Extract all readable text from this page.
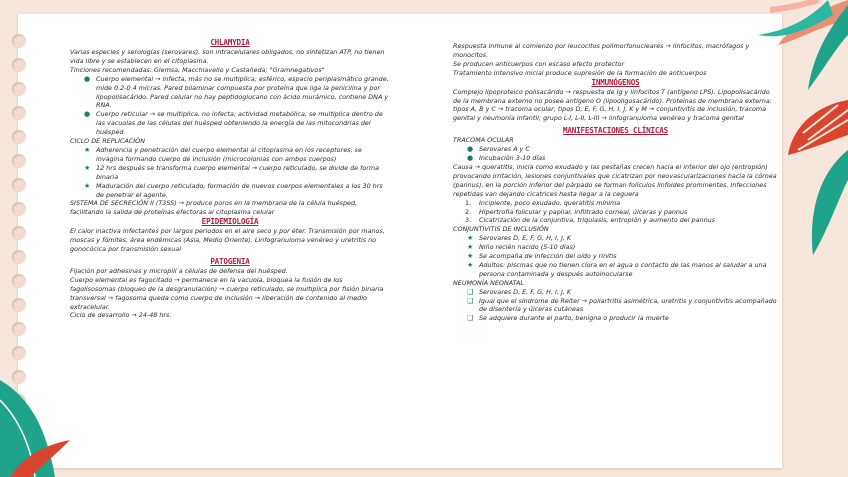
CHLAMYDIA

Varias especies y serologías (serovares), son intracelulares obligados, no sintetizan ATP, no tienen vida libre y se establecen en el citoplasma.

Tinciones recomendadas: Giemsa, Macchiavello y Castañeda; "Gramnegativos"

● Cuerpo elemental → infecta, más no se multiplica; esférico, espacio periplasmático grande, mide 0.2-0.4 micras. Pared bilaminar compuesta por proteína que liga la penicilina y por lipopolisacárido. Pared celular no hay peptidoglucano con ácido murámico, contiene DNA y RNA.
● Cuerpo reticular → se multiplica, no infecta; actividad metabólica, se multiplica dentro de las vacuolas de las células del huésped obteniendo la energía de las mitocondrias del huésped.

CICLO DE REPLICACIÓN

★ Adherencia y penetración del cuerpo elemental al citoplasma en los receptores, se invagina formando cuerpo de inclusión (microcolonias con ambos cuerpos)
★ 12 hrs después se transforma cuerpo elemental → cuerpo reticulado, se divide de forma binaria
★ Maduración del cuerpo reticulado, formación de nuevos cuerpos elementales a los 30 hrs de penetrar el agente.

SISTEMA DE SECRECIÓN II (T3SS) → produce poros en la membrana de la célula huésped, facilitando la salida de proteínas efectoras al citoplasma celular

EPIDEMIOLOGÍA

El calor inactiva infectantes por largos periodos en el aire seco y por éter. Transmisión por manos, moscas y fómites, área endémicas (Asia, Medio Oriente). Linfogranuloma venéreo y uretritis no gonocócica por transmisión sexual

PATOGENIA

Fijación por adhesinas y micropili a células de defensa del huésped.

Cuerpo elemental es fagocitado → permanece en la vacuola, bloquea la fusión de los fagolisosomas (bloqueo de la desgranulación) → cuerpo reticulado, se multiplica por fisión binaria transversal → fagosoma queda como cuerpo de inclusión → liberación de contenido al medio extracelular.

Ciclo de desarrollo → 24-48 hrs.

Respuesta inmune al comienzo por leucocitos polimorfonucleares → linfocitos, macrófagos y monocitos.

Se producen anticuerpos con escaso efecto protector

Tratamiento intensivo inicial produce supresión de la formación de anticuerpos

INMUNÓGENOS

Complejo lipoproteico polisacárido → respuesta de Ig y linfocitos T (antígeno LPS). Lipopolisacárido de la membrana externo no posee antígeno O (lipooligosacárido). Proteínas de membrana externa: tipos A, B y C → tracoma ocular; tipos D, E, F, G, H, I, J, K y M → conjuntivitis de inclusión, tracoma genital y neumonía infantil; grupo L-I, L-II, L-III → linfogranuloma venéreo y tracoma genital

MANIFESTACIONES CLÍNICAS

TRACOMA OCULAR

● Serovares A y C
● Incubación 3-10 días

Causa → queratitis, inicia como exudado y las pestañas crecen hacia el interior del ojo (entropión) provocando irritación, lesiones conjuntivales que cicatrizan por neovascularizaciones hacia la córnea (pannus), en la porción inferior del párpado se forman folículos linfoides prominentes. Infecciones repetidas van dejando cicatrices hasta llegar a la ceguera

1. Incipiente, poco exudado, queratitis mínima
2. Hipertrofia folicular y papilar, infiltrado corneal, úlceras y pannus
3. Cicatrización de la conjuntiva, triquiasis, entropión y aumento del pannus

CONJUNTIVITIS DE INCLUSIÓN

★ Serovares D, E, F, G, H, I, J, K
★ Niño recién nacido (5-10 días)
★ Se acompaña de infección del oído y rinitis
★ Adultos: piscinas que no tienen clora en el agua o contacto de las manos al saludar a una persona contaminada y después autoinocularse

NEUMONÍA NEONATAL

❑ Serovares D, E, F, G, H, I, J, K
❑ Igual que el síndrome de Reiter → poliartritis asimétrica, uretritis y conjuntivitis acompañado de disentería y úlceras cutáneas
❑ Se adquiere durante el parto, benigna o producir la muerte
